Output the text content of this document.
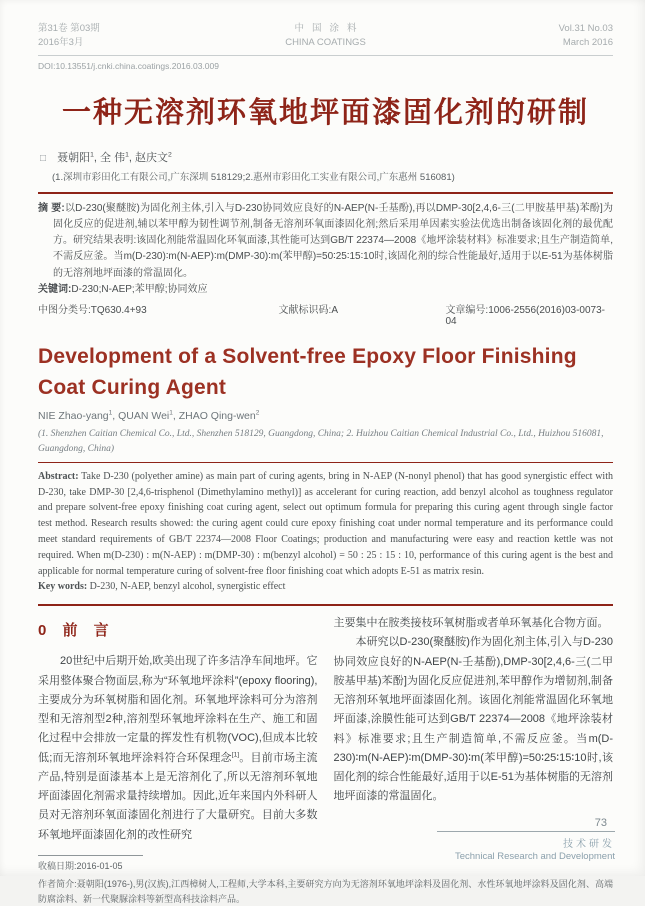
第31卷 第03期
2016年3月
中国涂料
CHINA COATINGS
Vol.31 No.03
March 2016
DOI:10.13551/j.cnki.china.coatings.2016.03.009
一种无溶剂环氧地坪面漆固化剂的研制
□ 聂朝阳$^1$, 全 伟$^1$, 赵庆文$^2$
(1.深圳市彩田化工有限公司,广东深圳 518129;2.惠州市彩田化工实业有限公司,广东惠州 516081)
摘 要:以D-230(聚醚胺)为固化剂主体,引入与D-230协同效应良好的N-AEP(N-壬基酚),再以DMP-30[2,4,6-三(二甲胺基甲基)苯酚]为固化反应的促进剂,辅以苯甲醇为韧性调节剂,制备无溶剂环氧面漆固化剂;然后采用单因素实验法优选出制备该固化剂的最优配方。研究结果表明:该固化剂能常温固化环氧面漆,其性能可达到GB/T 22374—2008《地坪涂装材料》标准要求;且生产制造简单,不需反应釜。当m(D-230)∶m(N-AEP)∶m(DMP-30)∶m(苯甲醇)=50∶25∶15∶10时,该固化剂的综合性能最好,适用于以E-51为基体树脂的无溶剂地坪面漆的常温固化。
关键词:D-230;N-AEP;苯甲醇;协同效应
中图分类号:TQ630.4+93	文献标识码:A	文章编号:1006-2556(2016)03-0073-04
Development of a Solvent-free Epoxy Floor Finishing Coat Curing Agent
NIE Zhao-yang$^1$, QUAN Wei$^1$, ZHAO Qing-wen$^2$
(1. Shenzhen Caitian Chemical Co., Ltd., Shenzhen 518129, Guangdong, China; 2. Huizhou Caitian Chemical Industrial Co., Ltd., Huizhou 516081, Guangdong, China)
Abstract: Take D-230 (polyether amine) as main part of curing agents, bring in N-AEP (N-nonyl phenol) that has good synergistic effect with D-230, take DMP-30 [2,4,6-trisphenol (Dimethylamino methyl)] as accelerant for curing reaction, add benzyl alcohol as toughness regulator and prepare solvent-free epoxy finishing coat curing agent, select out optimum formula for preparing this curing agent through single factor test method. Research results showed: the curing agent could cure epoxy finishing coat under normal temperature and its performance could meet standard requirements of GB/T 22374—2008 Floor Coatings; production and manufacturing were easy and reaction kettle was not required. When m(D-230) : m(N-AEP) : m(DMP-30) : m(benzyl alcohol) = 50 : 25 : 15 : 10, performance of this curing agent is the best and applicable for normal temperature curing of solvent-free floor finishing coat which adopts E-51 as matrix resin.
Key words: D-230, N-AEP, benzyl alcohol, synergistic effect
0 前 言

20世纪中后期开始,欧美出现了许多洁净车间地坪。它采用整体聚合物面层,称为“环氧地坪涂料”(epoxy flooring),主要成分为环氧树脂和固化剂。环氧地坪涂料可分为溶剂型和无溶剂型2种,溶剂型环氧地坪涂料在生产、施工和固化过程中会排放一定量的挥发性有机物(VOC),但成本比较低;而无溶剂环氧地坪涂料符合环保理念[1]。目前市场主流产品,特别是面漆基本上是无溶剂化了,所以无溶剂环氧地坪面漆固化剂需求量持续增加。因此,近年来国内外科研人员对无溶剂环氧面漆固化剂进行了大量研究。目前大多数环氧地坪面漆固化剂的改性研究

收稿日期:2016-01-05

主要集中在胺类接枝环氧树脂或者单环氧基化合物方面。

本研究以D-230(聚醚胺)作为固化剂主体,引入与D-230协同效应良好的N-AEP(N-壬基酚),DMP-30[2,4,6-三(二甲胺基甲基)苯酚]为固化反应促进剂,苯甲醇作为增韧剂,制备无溶剂环氧地坪面漆固化剂。该固化剂能常温固化环氧地坪面漆,涂膜性能可达到GB/T 22374—2008《地坪涂装材料》标准要求;且生产制造简单,不需反应釜。当m(D-230)∶m(N-AEP)∶m(DMP-30)∶m(苯甲醇)=50∶25∶15∶10时,该固化剂的综合性能最好,适用于以E-51为基体树脂的无溶剂地坪面漆的常温固化。

作者简介:聂朝阳(1976-),男(汉族),江西樟树人,工程师,大学本科,主要研究方向为无溶剂环氧地坪涂料及固化剂、水性环氧地坪涂料及固化剂、高端防腐涂料、新一代聚脲涂料等新型高科技涂料产品。
73
技术研发
Technical Research and Development
